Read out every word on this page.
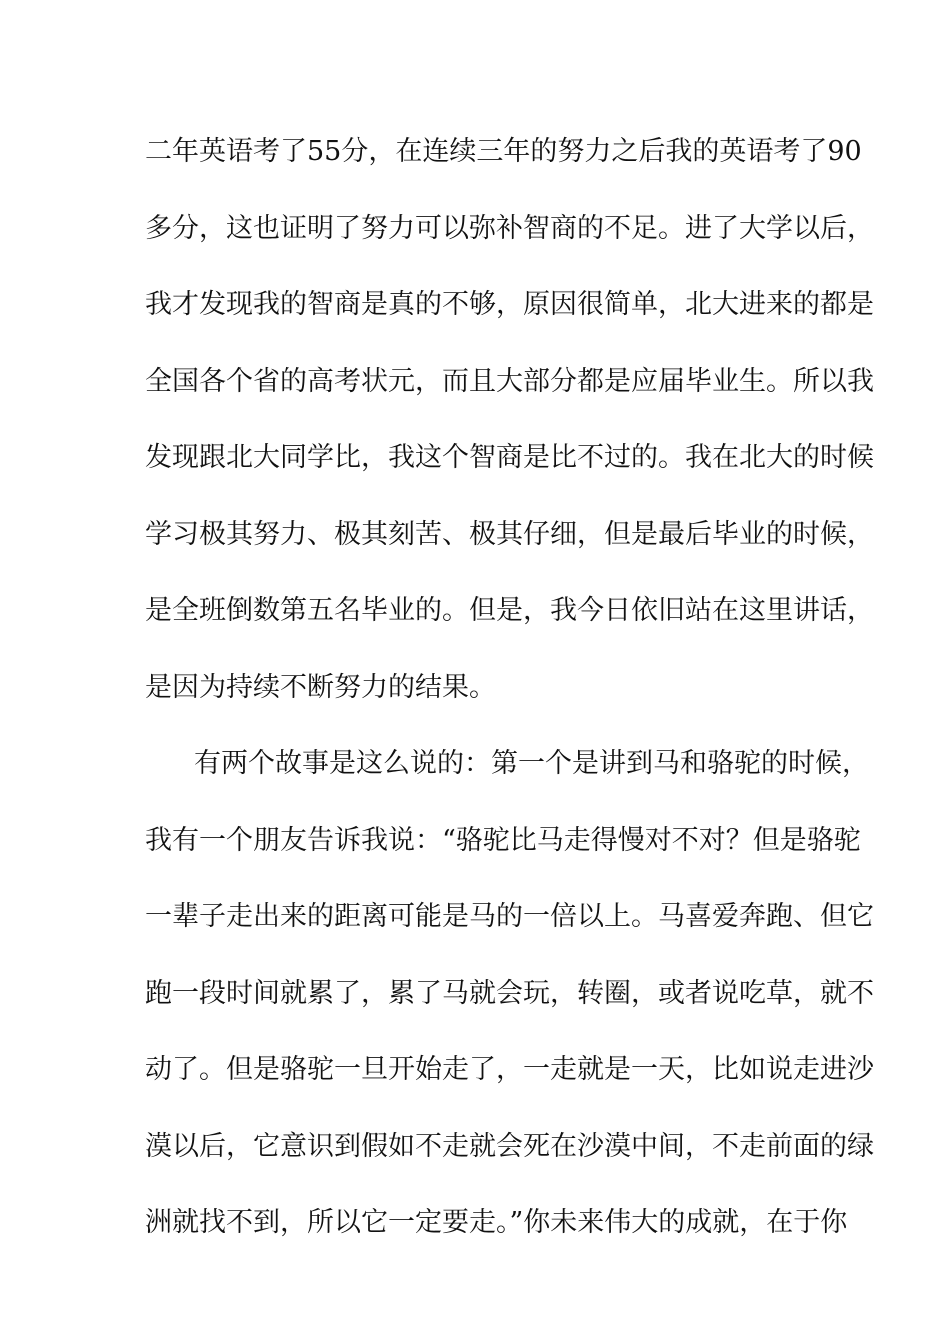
二年英语考了55分，在连续三年的努力之后我的英语考了90
多分，这也证明了努力可以弥补智商的不足。进了大学以后，
我才发现我的智商是真的不够，原因很简单，北大进来的都是
全国各个省的高考状元，而且大部分都是应届毕业生。所以我
发现跟北大同学比，我这个智商是比不过的。我在北大的时候
学习极其努力、极其刻苦、极其仔细，但是最后毕业的时候，
是全班倒数第五名毕业的。但是，我今日依旧站在这里讲话，
是因为持续不断努力的结果。
有两个故事是这么说的：第一个是讲到马和骆驼的时候，
我有一个朋友告诉我说：“骆驼比马走得慢对不对？但是骆驼
一辈子走出来的距离可能是马的一倍以上。马喜爱奔跑、但它
跑一段时间就累了，累了马就会玩，转圈，或者说吃草，就不
动了。但是骆驼一旦开始走了，一走就是一天，比如说走进沙
漠以后，它意识到假如不走就会死在沙漠中间，不走前面的绿
洲就找不到，所以它一定要走。”你未来伟大的成就，在于你
